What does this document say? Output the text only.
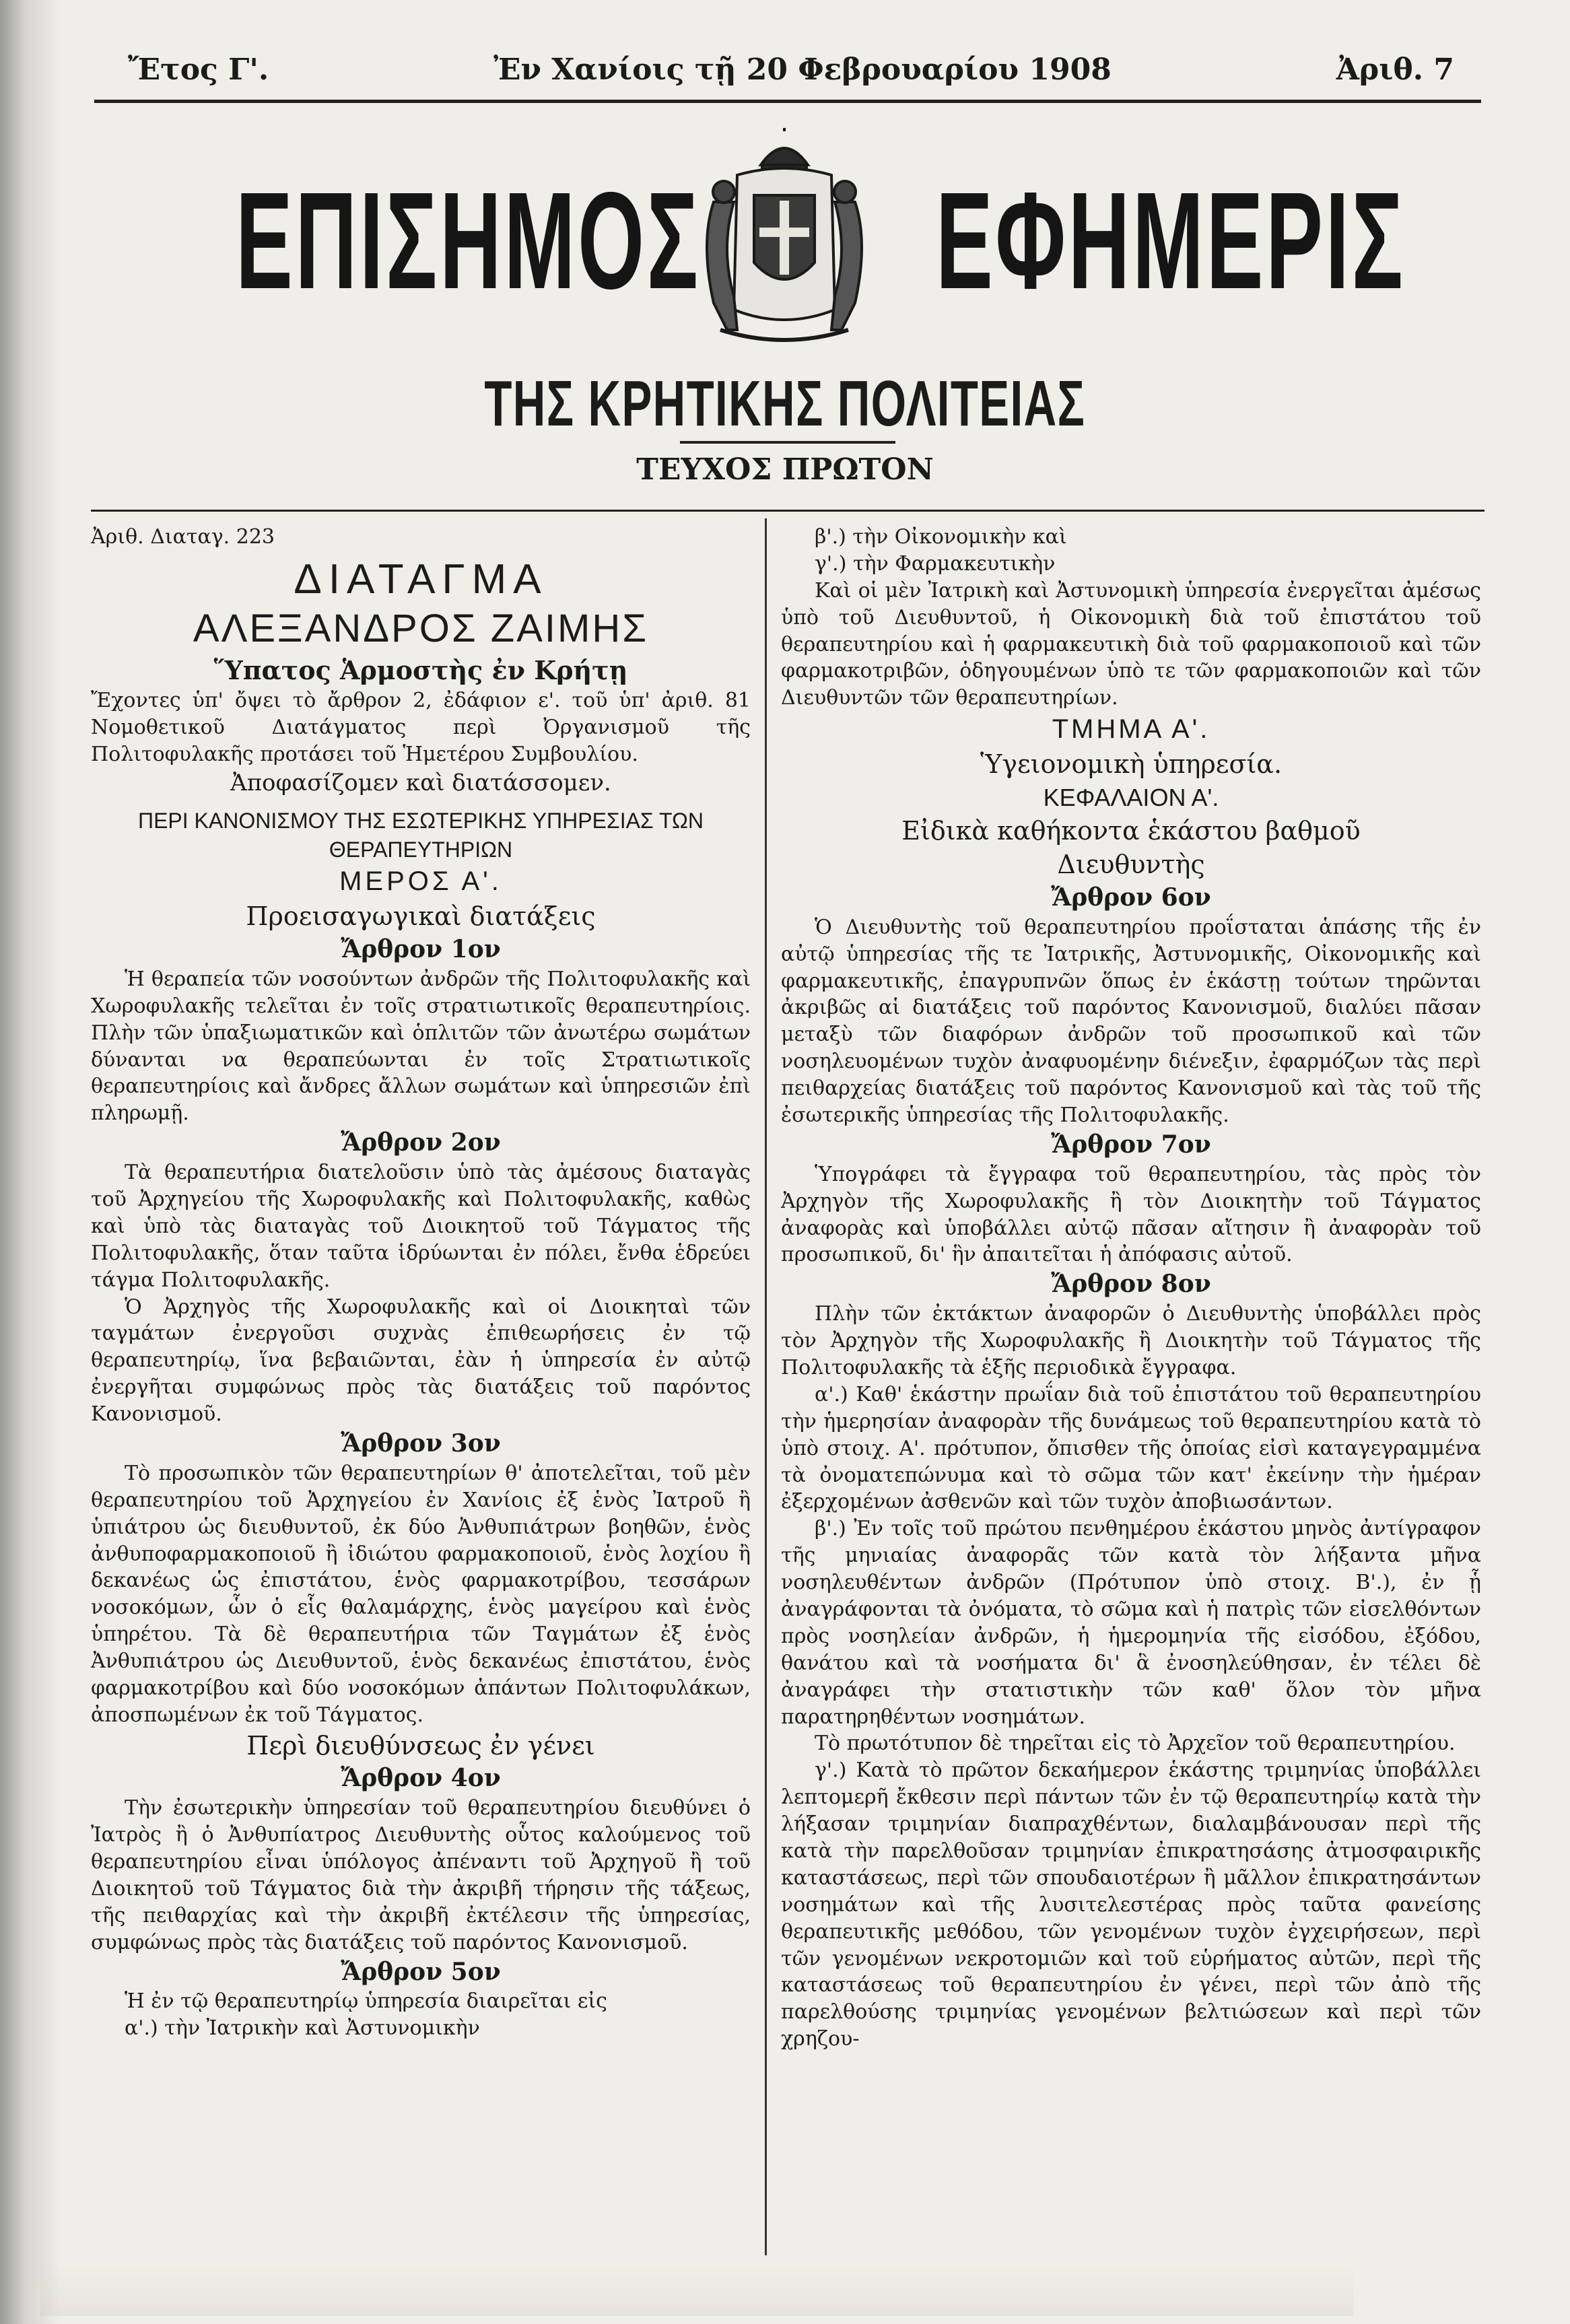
Ἔτος Γ'.	Ἐν Χανίοις τῇ 20 Φεβρουαρίου 1908	Ἀριθ. 7
ΕΠΙΣΗΜΟΣ ΕΦΗΜΕΡΙΣ
ΤΗΣ ΚΡΗΤΙΚΗΣ ΠΟΛΙΤΕΙΑΣ
ΤΕΥΧΟΣ ΠΡΩΤΟΝ

Ἀριθ. Διαταγ. 223

ΔΙΑΤΑΓΜΑ

ΑΛΕΞΑΝΔΡΟΣ ΖΑΙΜΗΣ

Ὕπατος Ἁρμοστὴς ἐν Κρήτῃ

Ἔχοντες ὑπ' ὄψει τὸ ἄρθρον 2, ἐδάφιον ε'. τοῦ ὑπ' ἀριθ. 81 Νομοθετικοῦ Διατάγματος περὶ Ὀργανισμοῦ τῆς Πολιτοφυλακῆς προτάσει τοῦ Ἡμετέρου Συμβουλίου.

Ἀποφασίζομεν καὶ διατάσσομεν.

ΠΕΡΙ ΚΑΝΟΝΙΣΜΟΥ ΤΗΣ ΕΣΩΤΕΡΙΚΗΣ ΥΠΗΡΕΣΙΑΣ ΤΩΝ ΘΕΡΑΠΕΥΤΗΡΙΩΝ

ΜΕΡΟΣ Α'.

Προεισαγωγικαὶ διατάξεις

Ἄρθρον 1ον

Ἡ θεραπεία τῶν νοσούντων ἀνδρῶν τῆς Πολιτοφυλακῆς καὶ Χωροφυλακῆς τελεῖται ἐν τοῖς στρατιωτικοῖς θεραπευτηρίοις. Πλὴν τῶν ὑπαξιωματικῶν καὶ ὁπλιτῶν τῶν ἀνωτέρω σωμάτων δύνανται να θεραπεύωνται ἐν τοῖς Στρατιωτικοῖς θεραπευτηρίοις καὶ ἄνδρες ἄλλων σωμάτων καὶ ὑπηρεσιῶν ἐπὶ πληρωμῇ.

Ἄρθρον 2ον

Τὰ θεραπευτήρια διατελοῦσιν ὑπὸ τὰς ἀμέσους διαταγὰς τοῦ Ἀρχηγείου τῆς Χωροφυλακῆς καὶ Πολιτοφυλακῆς, καθὼς καὶ ὑπὸ τὰς διαταγὰς τοῦ Διοικητοῦ τοῦ Τάγματος τῆς Πολιτοφυλακῆς, ὅταν ταῦτα ἱδρύωνται ἐν πόλει, ἔνθα ἑδρεύει τάγμα Πολιτοφυλακῆς.

Ὁ Ἀρχηγὸς τῆς Χωροφυλακῆς καὶ οἱ Διοικηταὶ τῶν ταγμάτων ἐνεργοῦσι συχνὰς ἐπιθεωρήσεις ἐν τῷ θεραπευτηρίῳ, ἵνα βεβαιῶνται, ἐὰν ἡ ὑπηρεσία ἐν αὐτῷ ἐνεργῆται συμφώνως πρὸς τὰς διατάξεις τοῦ παρόντος Κανονισμοῦ.

Ἄρθρον 3ον

Τὸ προσωπικὸν τῶν θεραπευτηρίων θ' ἀποτελεῖται, τοῦ μὲν θεραπευτηρίου τοῦ Ἀρχηγείου ἐν Χανίοις ἐξ ἑνὸς Ἰατροῦ ἢ ὑπιάτρου ὡς διευθυντοῦ, ἐκ δύο Ἀνθυπιάτρων βοηθῶν, ἑνὸς ἀνθυποφαρμακοποιοῦ ἢ ἰδιώτου φαρμακοποιοῦ, ἑνὸς λοχίου ἢ δεκανέως ὡς ἐπιστάτου, ἑνὸς φαρμακοτρίβου, τεσσάρων νοσοκόμων, ὧν ὁ εἷς θαλαμάρχης, ἑνὸς μαγείρου καὶ ἑνὸς ὑπηρέτου. Τὰ δὲ θεραπευτήρια τῶν Ταγμάτων ἐξ ἑνὸς Ἀνθυπιάτρου ὡς Διευθυντοῦ, ἑνὸς δεκανέως ἐπιστάτου, ἑνὸς φαρμακοτρίβου καὶ δύο νοσοκόμων ἀπάντων Πολιτοφυλάκων, ἀποσπωμένων ἐκ τοῦ Τάγματος.

Περὶ διευθύνσεως ἐν γένει

Ἄρθρον 4ον

Τὴν ἐσωτερικὴν ὑπηρεσίαν τοῦ θεραπευτηρίου διευθύνει ὁ Ἰατρὸς ἢ ὁ Ἀνθυπίατρος Διευθυντὴς οὗτος καλούμενος τοῦ θεραπευτηρίου εἶναι ὑπόλογος ἀπέναντι τοῦ Ἀρχηγοῦ ἢ τοῦ Διοικητοῦ τοῦ Τάγματος διὰ τὴν ἀκριβῆ τήρησιν τῆς τάξεως, τῆς πειθαρχίας καὶ τὴν ἀκριβῆ ἐκτέλεσιν τῆς ὑπηρεσίας, συμφώνως πρὸς τὰς διατάξεις τοῦ παρόντος Κανονισμοῦ.

Ἄρθρον 5ον

Ἡ ἐν τῷ θεραπευτηρίῳ ὑπηρεσία διαιρεῖται εἰς

α'.) τὴν Ἰατρικὴν καὶ Ἀστυνομικὴν

β'.) τὴν Οἰκονομικὴν καὶ

γ'.) τὴν Φαρμακευτικὴν

Καὶ οἱ μὲν Ἰατρικὴ καὶ Ἀστυνομικὴ ὑπηρεσία ἐνεργεῖται ἀμέσως ὑπὸ τοῦ Διευθυντοῦ, ἡ Οἰκονομικὴ διὰ τοῦ ἐπιστάτου τοῦ θεραπευτηρίου καὶ ἡ φαρμακευτικὴ διὰ τοῦ φαρμακοποιοῦ καὶ τῶν φαρμακοτριβῶν, ὁδηγουμένων ὑπὸ τε τῶν φαρμακοποιῶν καὶ τῶν Διευθυντῶν τῶν θεραπευτηρίων.

ΤΜΗΜΑ Α'.

Ὑγειονομικὴ ὑπηρεσία.

ΚΕΦΑΛΑΙΟΝ Α'.

Εἰδικὰ καθήκοντα ἑκάστου βαθμοῦ

Διευθυντὴς

Ἄρθρον 6ον

Ὁ Διευθυντὴς τοῦ θεραπευτηρίου προΐσταται ἁπάσης τῆς ἐν αὐτῷ ὑπηρεσίας τῆς τε Ἰατρικῆς, Ἀστυνομικῆς, Οἰκονομικῆς καὶ φαρμακευτικῆς, ἐπαγρυπνῶν ὅπως ἐν ἑκάστῃ τούτων τηρῶνται ἀκριβῶς αἱ διατάξεις τοῦ παρόντος Κανονισμοῦ, διαλύει πᾶσαν μεταξὺ τῶν διαφόρων ἀνδρῶν τοῦ προσωπικοῦ καὶ τῶν νοσηλευομένων τυχὸν ἀναφυομένην διένεξιν, ἐφαρμόζων τὰς περὶ πειθαρχείας διατάξεις τοῦ παρόντος Κανονισμοῦ καὶ τὰς τοῦ τῆς ἐσωτερικῆς ὑπηρεσίας τῆς Πολιτοφυλακῆς.

Ἄρθρον 7ον

Ὑπογράφει τὰ ἔγγραφα τοῦ θεραπευτηρίου, τὰς πρὸς τὸν Ἀρχηγὸν τῆς Χωροφυλακῆς ἢ τὸν Διοικητὴν τοῦ Τάγματος ἀναφορὰς καὶ ὑποβάλλει αὐτῷ πᾶσαν αἴτησιν ἢ ἀναφορὰν τοῦ προσωπικοῦ, δι' ἣν ἀπαιτεῖται ἡ ἀπόφασις αὐτοῦ.

Ἄρθρον 8ον

Πλὴν τῶν ἐκτάκτων ἀναφορῶν ὁ Διευθυντὴς ὑποβάλλει πρὸς τὸν Ἀρχηγὸν τῆς Χωροφυλακῆς ἢ Διοικητὴν τοῦ Τάγματος τῆς Πολιτοφυλακῆς τὰ ἑξῆς περιοδικὰ ἔγγραφα.

α'.) Καθ' ἑκάστην πρωΐαν διὰ τοῦ ἐπιστάτου τοῦ θεραπευτηρίου τὴν ἡμερησίαν ἀναφορὰν τῆς δυνάμεως τοῦ θεραπευτηρίου κατὰ τὸ ὑπὸ στοιχ. Α'. πρότυπον, ὄπισθεν τῆς ὁποίας εἰσὶ καταγεγραμμένα τὰ ὀνοματεπώνυμα καὶ τὸ σῶμα τῶν κατ' ἐκείνην τὴν ἡμέραν ἐξερχομένων ἀσθενῶν καὶ τῶν τυχὸν ἀποβιωσάντων.

β'.) Ἐν τοῖς τοῦ πρώτου πενθημέρου ἑκάστου μηνὸς ἀντίγραφον τῆς μηνιαίας ἀναφορᾶς τῶν κατὰ τὸν λήξαντα μῆνα νοσηλευθέντων ἀνδρῶν (Πρότυπον ὑπὸ στοιχ. Β'.), ἐν ᾗ ἀναγράφονται τὰ ὀνόματα, τὸ σῶμα καὶ ἡ πατρὶς τῶν εἰσελθόντων πρὸς νοσηλείαν ἀνδρῶν, ἡ ἡμερομηνία τῆς εἰσόδου, ἐξόδου, θανάτου καὶ τὰ νοσήματα δι' ἃ ἐνοσηλεύθησαν, ἐν τέλει δὲ ἀναγράφει τὴν στατιστικὴν τῶν καθ' ὅλον τὸν μῆνα παρατηρηθέντων νοσημάτων.

Τὸ πρωτότυπον δὲ τηρεῖται εἰς τὸ Ἀρχεῖον τοῦ θεραπευτηρίου.

γ'.) Κατὰ τὸ πρῶτον δεκαήμερον ἑκάστης τριμηνίας ὑποβάλλει λεπτομερῆ ἔκθεσιν περὶ πάντων τῶν ἐν τῷ θεραπευτηρίῳ κατὰ τὴν λήξασαν τριμηνίαν διαπραχθέντων, διαλαμβάνουσαν περὶ τῆς κατὰ τὴν παρελθοῦσαν τριμηνίαν ἐπικρατησάσης ἀτμοσφαιρικῆς καταστάσεως, περὶ τῶν σπουδαιοτέρων ἢ μᾶλλον ἐπικρατησάντων νοσημάτων καὶ τῆς λυσιτελεστέρας πρὸς ταῦτα φανείσης θεραπευτικῆς μεθόδου, τῶν γενομένων τυχὸν ἐγχειρήσεων, περὶ τῶν γενομένων νεκροτομιῶν καὶ τοῦ εὑρήματος αὐτῶν, περὶ τῆς καταστάσεως τοῦ θεραπευτηρίου ἐν γένει, περὶ τῶν ἀπὸ τῆς παρελθούσης τριμηνίας γενομένων βελτιώσεων καὶ περὶ τῶν χρηζου-
